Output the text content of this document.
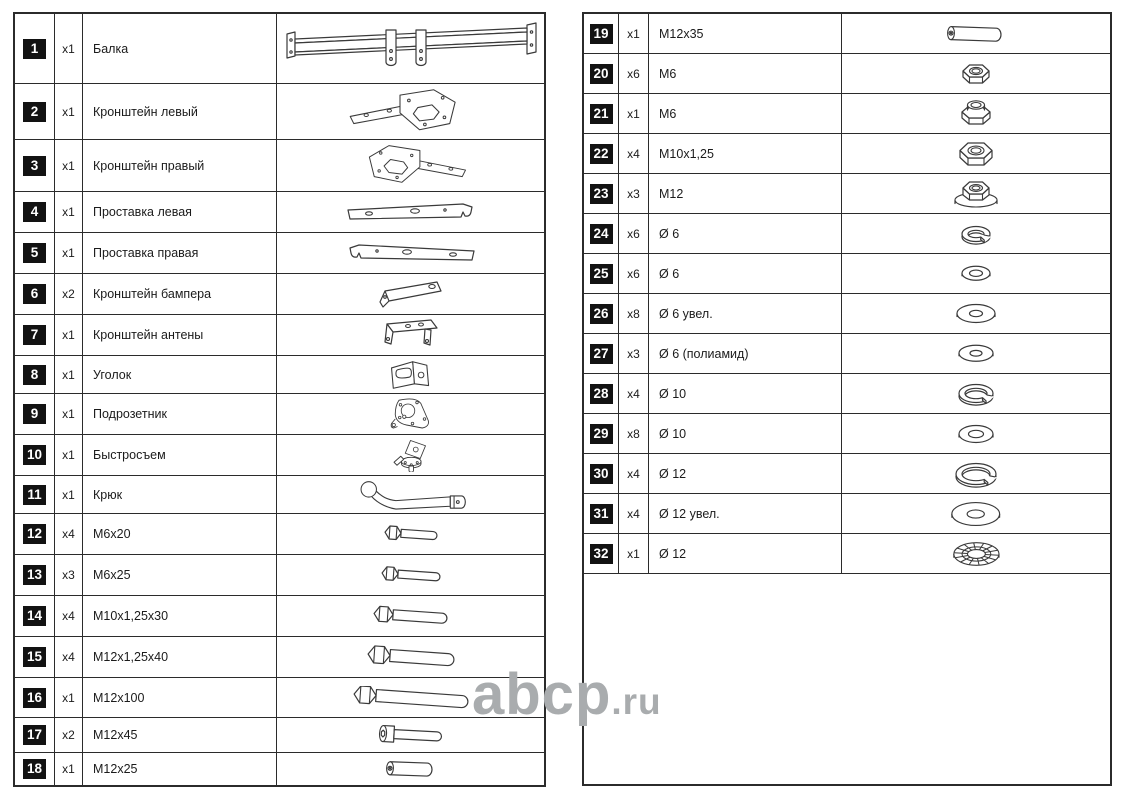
abcp .ru
1	x1	Балка
2	x1	Кронштейн левый
3	x1	Кронштейн правый
4	x1	Проставка левая
5	x1	Проставка правая
6	x2	Кронштейн бампера
7	x1	Кронштейн антены
8	x1	Уголок
9	x1	Подрозетник
10	x1	Быстросъем
11	x1	Крюк
12	x4	M6x20
13	x3	M6x25
14	x4	M10x1,25x30
15	x4	M12x1,25x40
16	x1	M12x100
17	x2	M12x45
18	x1	M12x25
19	x1	M12x35
20	x6	M6
21	x1	M6
22	x4	M10x1,25
23	x3	M12
24	x6	Ø 6
25	x6	Ø 6
26	x8	Ø 6 увел.
27	x3	Ø 6 (полиамид)
28	x4	Ø 10
29	x8	Ø 10
30	x4	Ø 12
31	x4	Ø 12 увел.
32	x1	Ø 12
